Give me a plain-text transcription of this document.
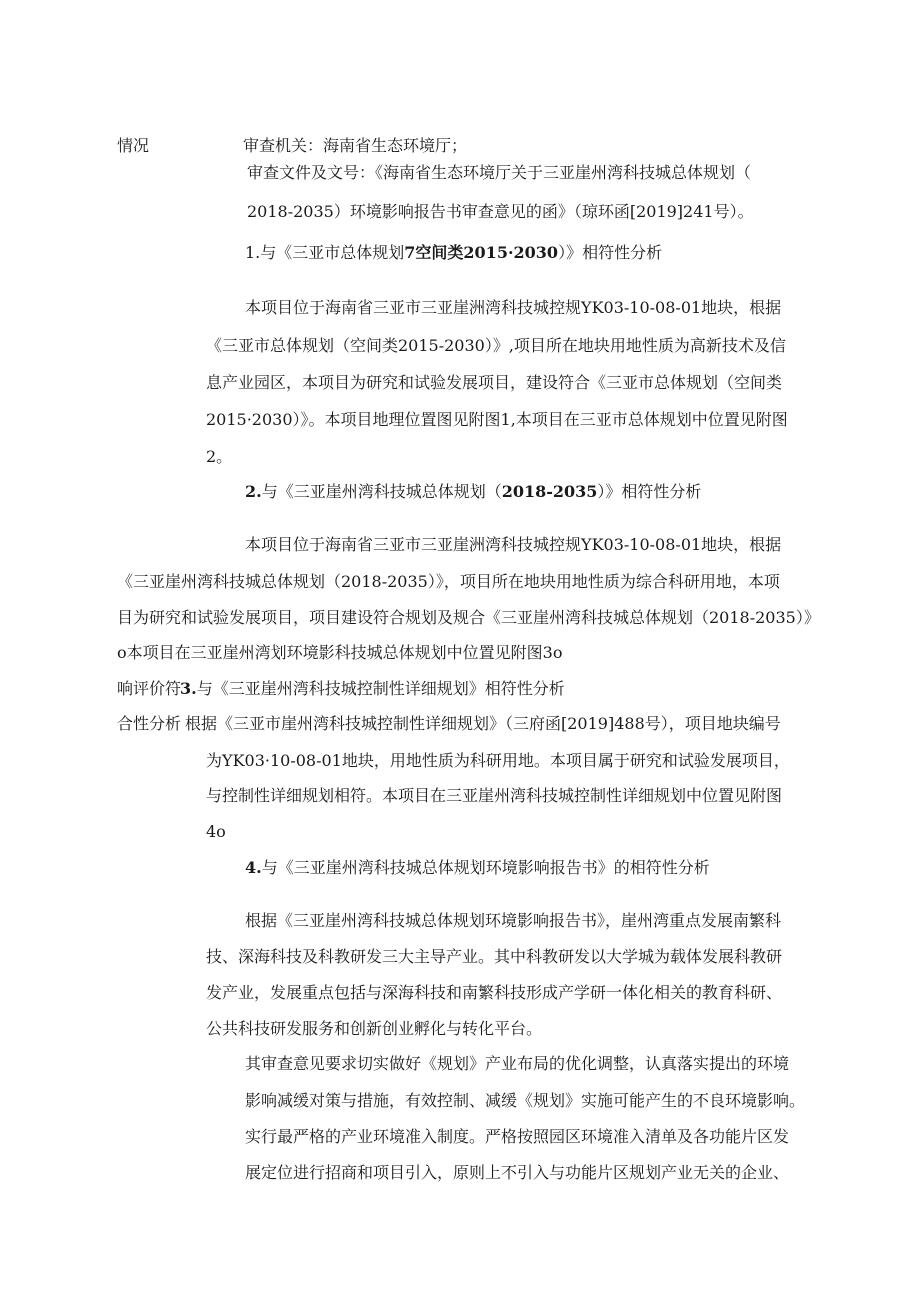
情况	审查机关：海南省生态环境厅；

审查文件及文号：《海南省生态环境厅关于三亚崖州湾科技城总体规划（

2018-2035）环境影响报告书审查意见的函》（琼环函[2019]241号）。

1.与《三亚市总体规划7空间类2015·2030）》相符性分析

本项目位于海南省三亚市三亚崖洲湾科技城控规YK03-10-08-01地块，根据

《三亚市总体规划（空间类2015-2030）》,项目所在地块用地性质为高新技术及信

息产业园区，本项目为研究和试验发展项目，建设符合《三亚市总体规划（空间类

2015·2030）》。本项目地理位置图见附图1,本项目在三亚市总体规划中位置见附图

2。

2.与《三亚崖州湾科技城总体规划（2018-2035）》相符性分析

本项目位于海南省三亚市三亚崖洲湾科技城控规YK03-10-08-01地块，根据

《三亚崖州湾科技城总体规划（2018-2035）》，项目所在地块用地性质为综合科研用地，本项

目为研究和试验发展项目，项目建设符合规划及规合《三亚崖州湾科技城总体规划（2018-2035）》

o本项目在三亚崖州湾划环境影科技城总体规划中位置见附图3o

响评价符

3.与《三亚崖州湾科技城控制性详细规划》相符性分析

合性分析 根据《三亚市崖州湾科技城控制性详细规划》（三府函[2019]488号），项目地块编号

为YK03·10-08-01地块，用地性质为科研用地。本项目属于研究和试验发展项目，

与控制性详细规划相符。本项目在三亚崖州湾科技城控制性详细规划中位置见附图

4o

4.与《三亚崖州湾科技城总体规划环境影响报告书》的相符性分析

根据《三亚崖州湾科技城总体规划环境影响报告书》，崖州湾重点发展南繁科

技、深海科技及科教研发三大主导产业。其中科教研发以大学城为载体发展科教研

发产业，发展重点包括与深海科技和南繁科技形成产学研一体化相关的教育科研、

公共科技研发服务和创新创业孵化与转化平台。

其审查意见要求切实做好《规划》产业布局的优化调整，认真落实提出的环境

影响减缓对策与措施，有效控制、减缓《规划》实施可能产生的不良环境影响。

实行最严格的产业环境准入制度。严格按照园区环境准入清单及各功能片区发

展定位进行招商和项目引入，原则上不引入与功能片区规划产业无关的企业、
